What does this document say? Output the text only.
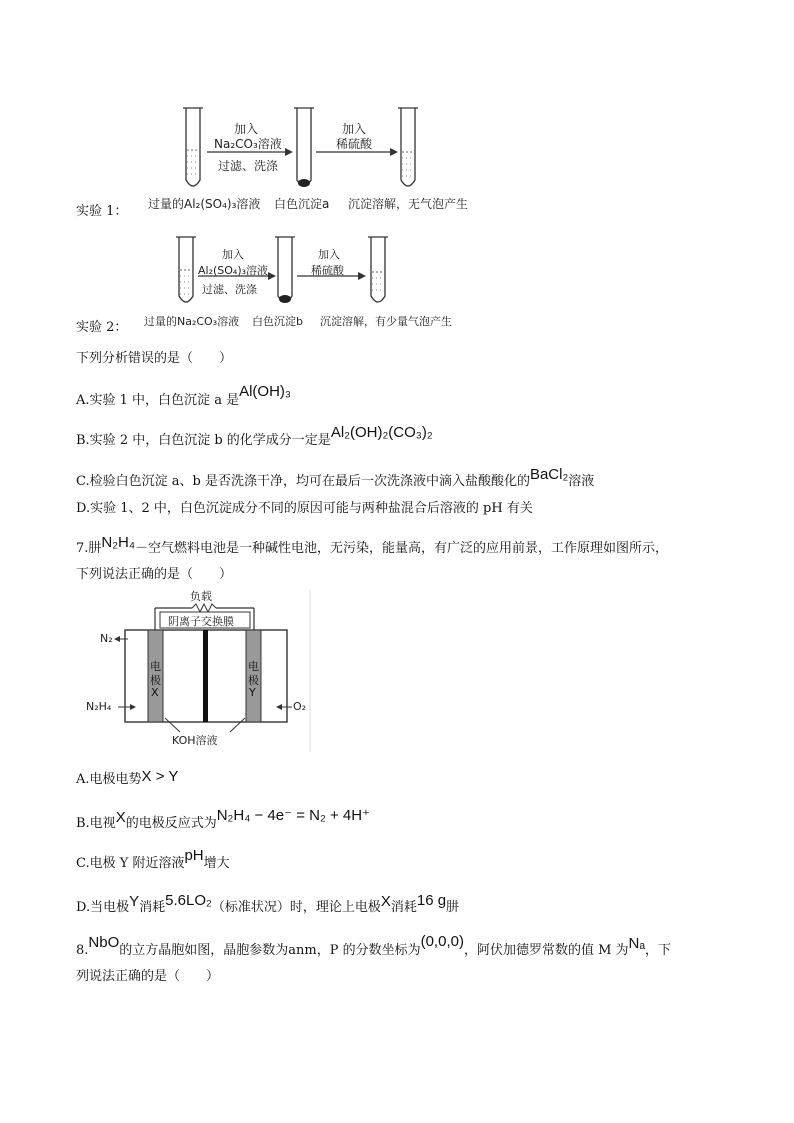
加入
Na₂CO₃溶液
过滤、洗涤
加入
稀硫酸
实验 1： 过量的Al₂(SO₄)₃溶液 白色沉淀a 沉淀溶解，无气泡产生
加入
Al₂(SO₄)₃溶液
过滤、洗涤
加入
稀硫酸
实验 2： 过量的Na₂CO₃溶液 白色沉淀b 沉淀溶解，有少量气泡产生
下列分析错误的是（　　）
A.实验 1 中，白色沉淀 a 是Al(OH)₃
B.实验 2 中，白色沉淀 b 的化学成分一定是Al₂(OH)₂(CO₃)₂
C.检验白色沉淀 a、b 是否洗涤干净，均可在最后一次洗涤液中滴入盐酸酸化的BaCl₂溶液
D.实验 1、2 中，白色沉淀成分不同的原因可能与两种盐混合后溶液的 pH 有关
7.肼N₂H₄－空气燃料电池是一种碱性电池，无污染，能量高，有广泛的应用前景，工作原理如图所示，
下列说法正确的是（　　）
负载
阴离子交换膜
N₂
N₂H₄	O₂
电
极
X
电
极
Y
KOH溶液
A.电极电势X > Y
B.电视X的电极反应式为N₂H₄ − 4e⁻ = N₂ + 4H⁺
C.电极 Y 附近溶液pH增大
D.当电极Y消耗5.6LO₂（标准状况）时，理论上电极X消耗16 g肼
8.NbO的立方晶胞如图，晶胞参数为anm，P 的分数坐标为(0,0,0)，阿伏加德罗常数的值 M 为Nₐ，下
列说法正确的是（　　）
